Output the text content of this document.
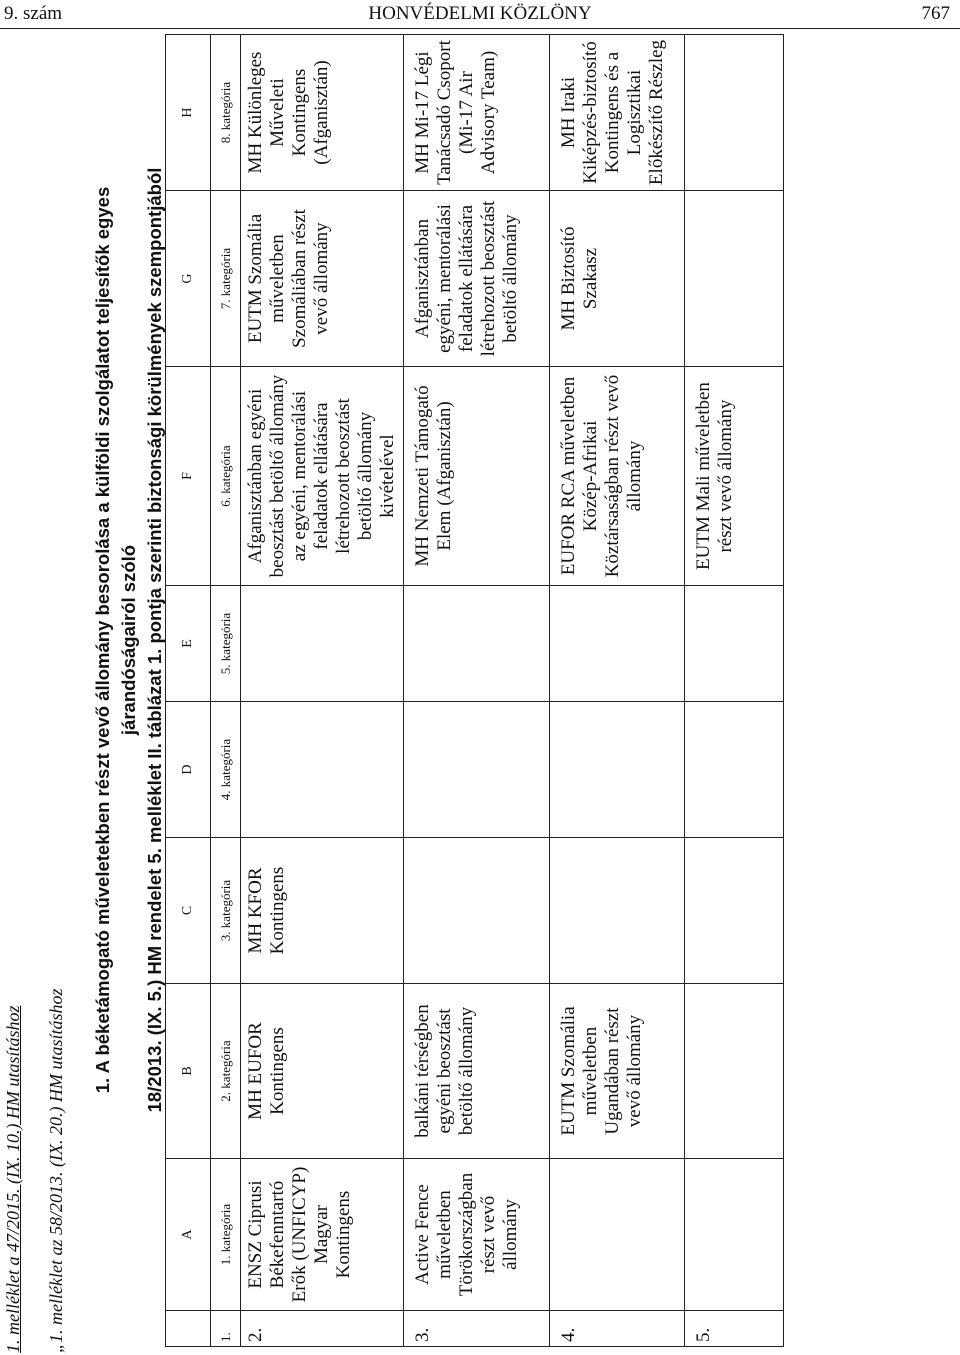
9. szám	HONVÉDELMI KÖZLÖNY	767
1. melléklet a 47/2015. (IX. 10.) HM utasításhoz „1. melléklet az 58/2013. (IX. 20.) HM utasításhoz
1. A béketámogató műveletekben részt vevő állomány besorolása a külföldi szolgálatot teljesítők egyes járandóságairól szóló 18/2013. (IX. 5.) HM rendelet 5. melléklet II. táblázat 1. pontja szerinti biztonsági körülmények szempontjából
	A	B	C	D	E	F	G	H
1.	1. kategória	2. kategória	3. kategória	4. kategória	5. kategória	6. kategória	7. kategória	8. kategória
2.	ENSZ Ciprusi Békefenntartó Erők (UNFICYP) Magyar Kontingens	MH EUFOR Kontingens	MH KFOR Kontingens			Afganisztánban egyéni beosztást betöltő állomány az egyéni, mentorálási feladatok ellátására létrehozott beosztást betöltő állomány kivételével	EUTM Szomália műveletben Szomáliában részt vevő állomány	MH Különleges Műveleti Kontingens (Afganisztán)
3.	Active Fence műveletben Törökországban részt vevő állomány	balkáni térségben egyéni beosztást betöltő állomány				MH Nemzeti Támogató Elem (Afganisztán)	Afganisztánban egyéni, mentorálási feladatok ellátására létrehozott beosztást betöltő állomány	MH Mi-17 Légi Tanácsadó Csoport (Mi-17 Air Advisory Team)
4.		EUTM Szomália műveletben Ugandában részt vevő állomány				EUFOR RCA műveletben Közép-Afrikai Köztársaságban részt vevő állomány	MH Biztosító Szakasz	MH Iraki Kiképzés-biztosító Kontingens és a Logisztikai Előkészítő Részleg
5.						EUTM Mali műveletben részt vevő állomány		
